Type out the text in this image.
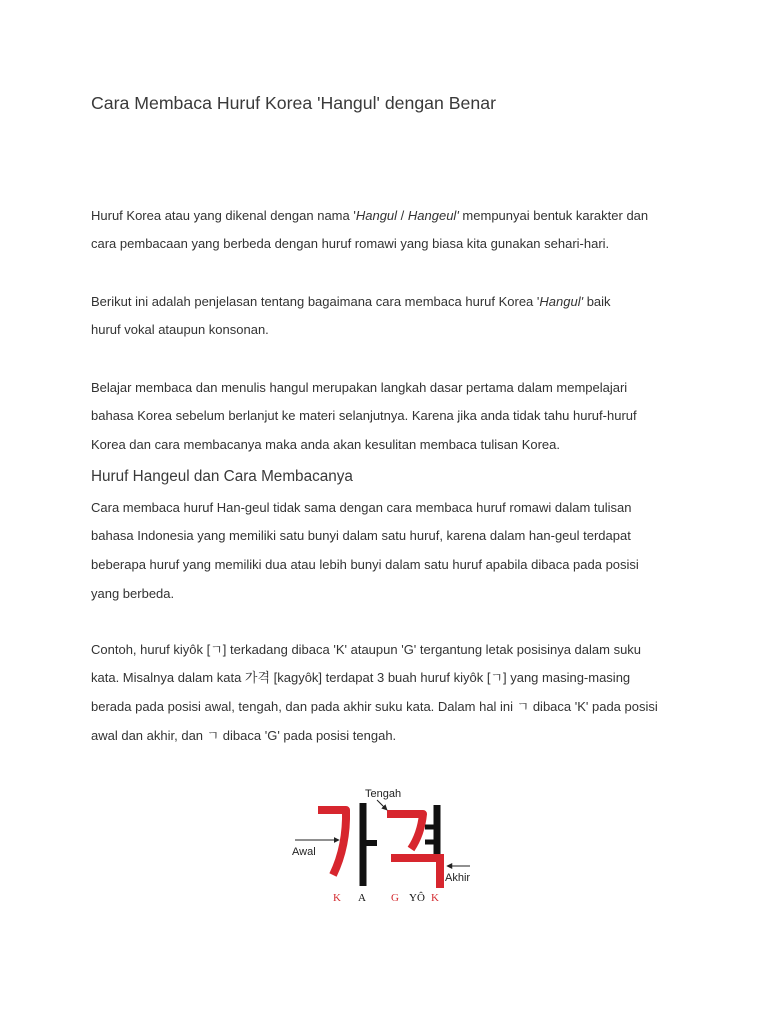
Cara Membaca Huruf Korea 'Hangul' dengan Benar
Huruf Korea atau yang dikenal dengan nama 'Hangul / Hangeul' mempunyai bentuk karakter dan
cara pembacaan yang berbeda dengan huruf romawi yang biasa kita gunakan sehari-hari.
Berikut ini adalah penjelasan tentang bagaimana cara membaca huruf Korea 'Hangul' baik
huruf vokal ataupun konsonan.
Belajar membaca dan menulis hangul merupakan langkah dasar pertama dalam mempelajari
bahasa Korea sebelum berlanjut ke materi selanjutnya. Karena jika anda tidak tahu huruf-huruf
Korea dan cara membacanya maka anda akan kesulitan membaca tulisan Korea.
Huruf Hangeul dan Cara Membacanya
Cara membaca huruf Han-geul tidak sama dengan cara membaca huruf romawi dalam tulisan
bahasa Indonesia yang memiliki satu bunyi dalam satu huruf, karena dalam han-geul terdapat
beberapa huruf yang memiliki dua atau lebih bunyi dalam satu huruf apabila dibaca pada posisi
yang berbeda.
Contoh, huruf kiyôk [ㄱ] terkadang dibaca 'K' ataupun 'G' tergantung letak posisinya dalam suku
kata. Misalnya dalam kata 가격 [kagyôk] terdapat 3 buah huruf kiyôk [ㄱ] yang masing-masing
berada pada posisi awal, tengah, dan pada akhir suku kata. Dalam hal ini ㄱ dibaca 'K' pada posisi
awal dan akhir, dan ㄱ dibaca 'G' pada posisi tengah.
Tengah
Awal
Akhir
K A G YÔ K
